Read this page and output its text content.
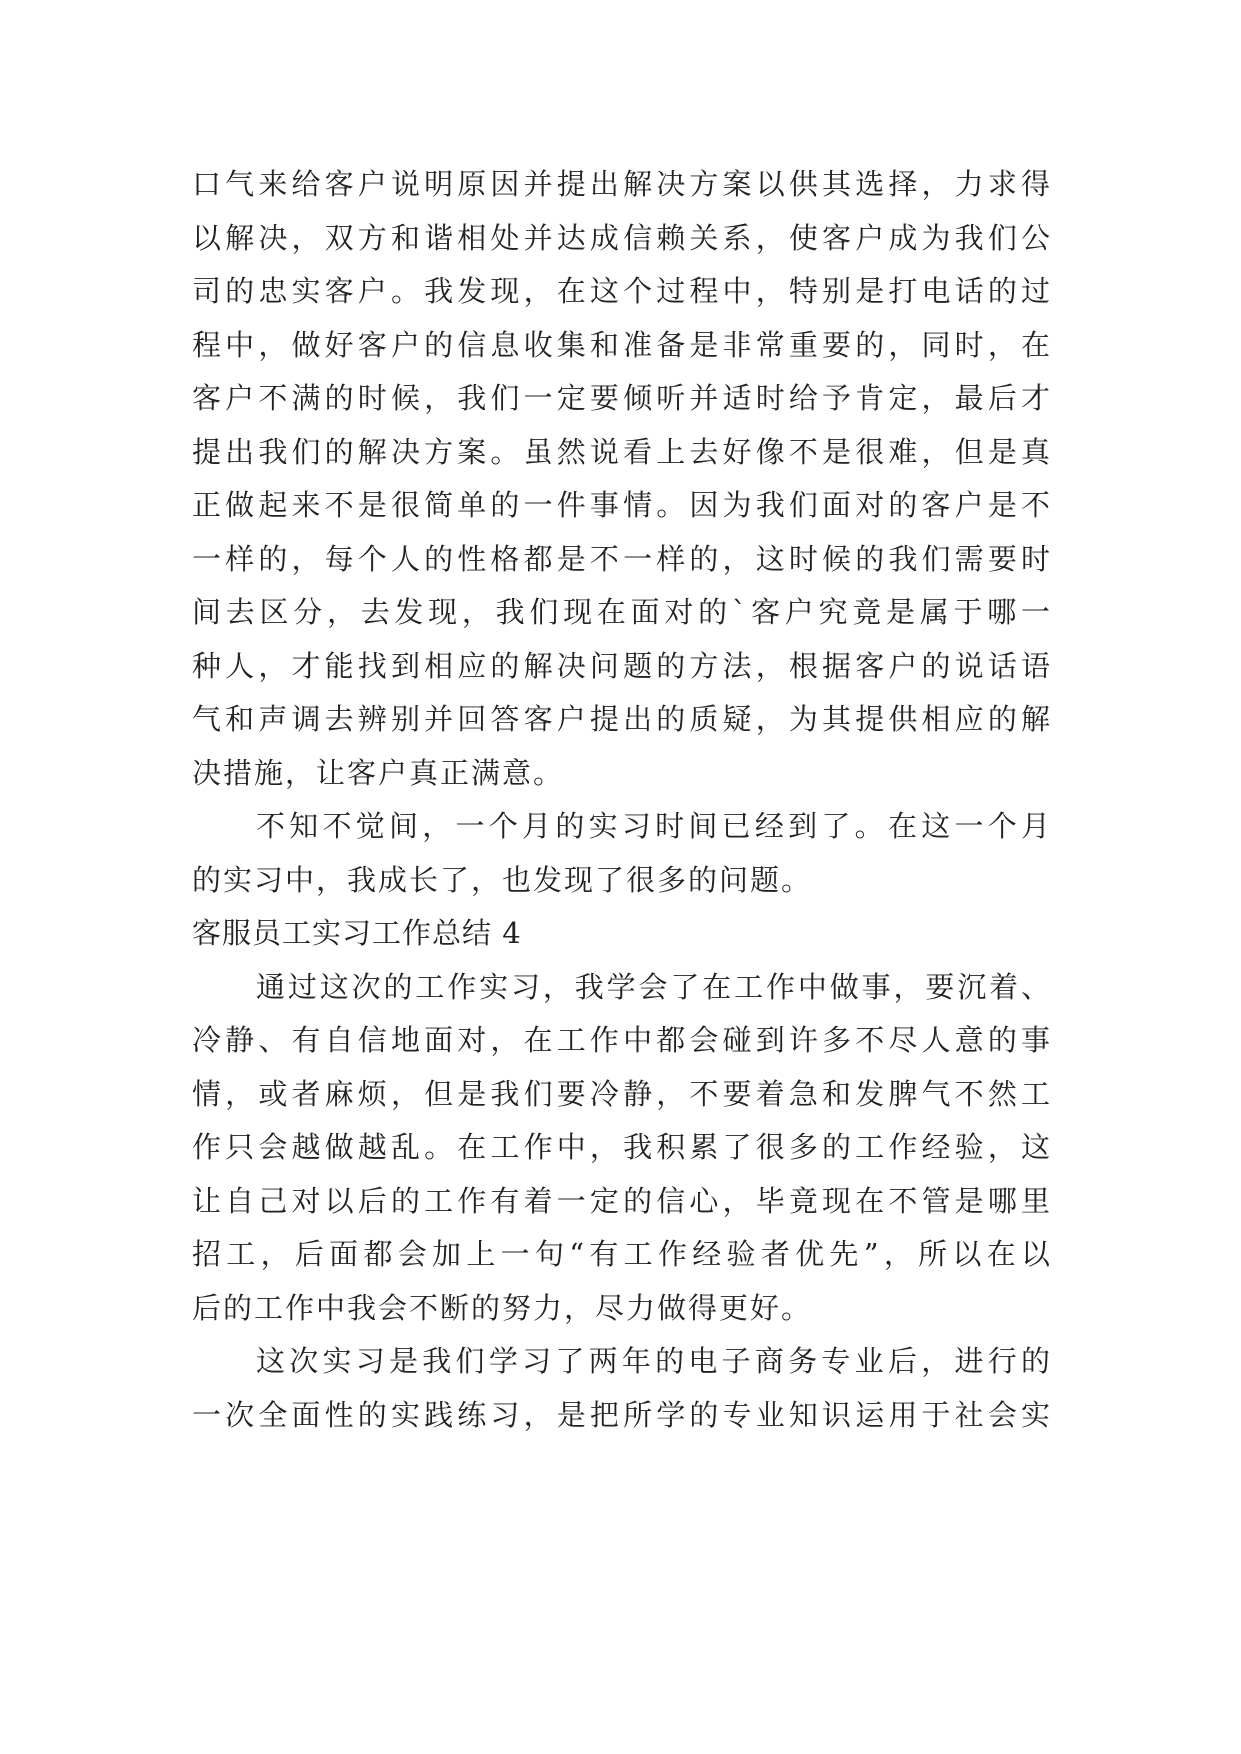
口气来给客户说明原因并提出解决方案以供其选择，力求得
以解决，双方和谐相处并达成信赖关系，使客户成为我们公
司的忠实客户。我发现，在这个过程中，特别是打电话的过
程中，做好客户的信息收集和准备是非常重要的，同时，在
客户不满的时候，我们一定要倾听并适时给予肯定，最后才
提出我们的解决方案。虽然说看上去好像不是很难，但是真
正做起来不是很简单的一件事情。因为我们面对的客户是不
一样的，每个人的性格都是不一样的，这时候的我们需要时
间去区分，去发现，我们现在面对的`客户究竟是属于哪一
种人，才能找到相应的解决问题的方法，根据客户的说话语
气和声调去辨别并回答客户提出的质疑，为其提供相应的解
决措施，让客户真正满意。
不知不觉间，一个月的实习时间已经到了。在这一个月
的实习中，我成长了，也发现了很多的问题。
客服员工实习工作总结 4
通过这次的工作实习，我学会了在工作中做事，要沉着、
冷静、有自信地面对，在工作中都会碰到许多不尽人意的事
情，或者麻烦，但是我们要冷静，不要着急和发脾气不然工
作只会越做越乱。在工作中，我积累了很多的工作经验，这
让自己对以后的工作有着一定的信心，毕竟现在不管是哪里
招工，后面都会加上一句“有工作经验者优先”，所以在以
后的工作中我会不断的努力，尽力做得更好。
这次实习是我们学习了两年的电子商务专业后，进行的
一次全面性的实践练习，是把所学的专业知识运用于社会实
